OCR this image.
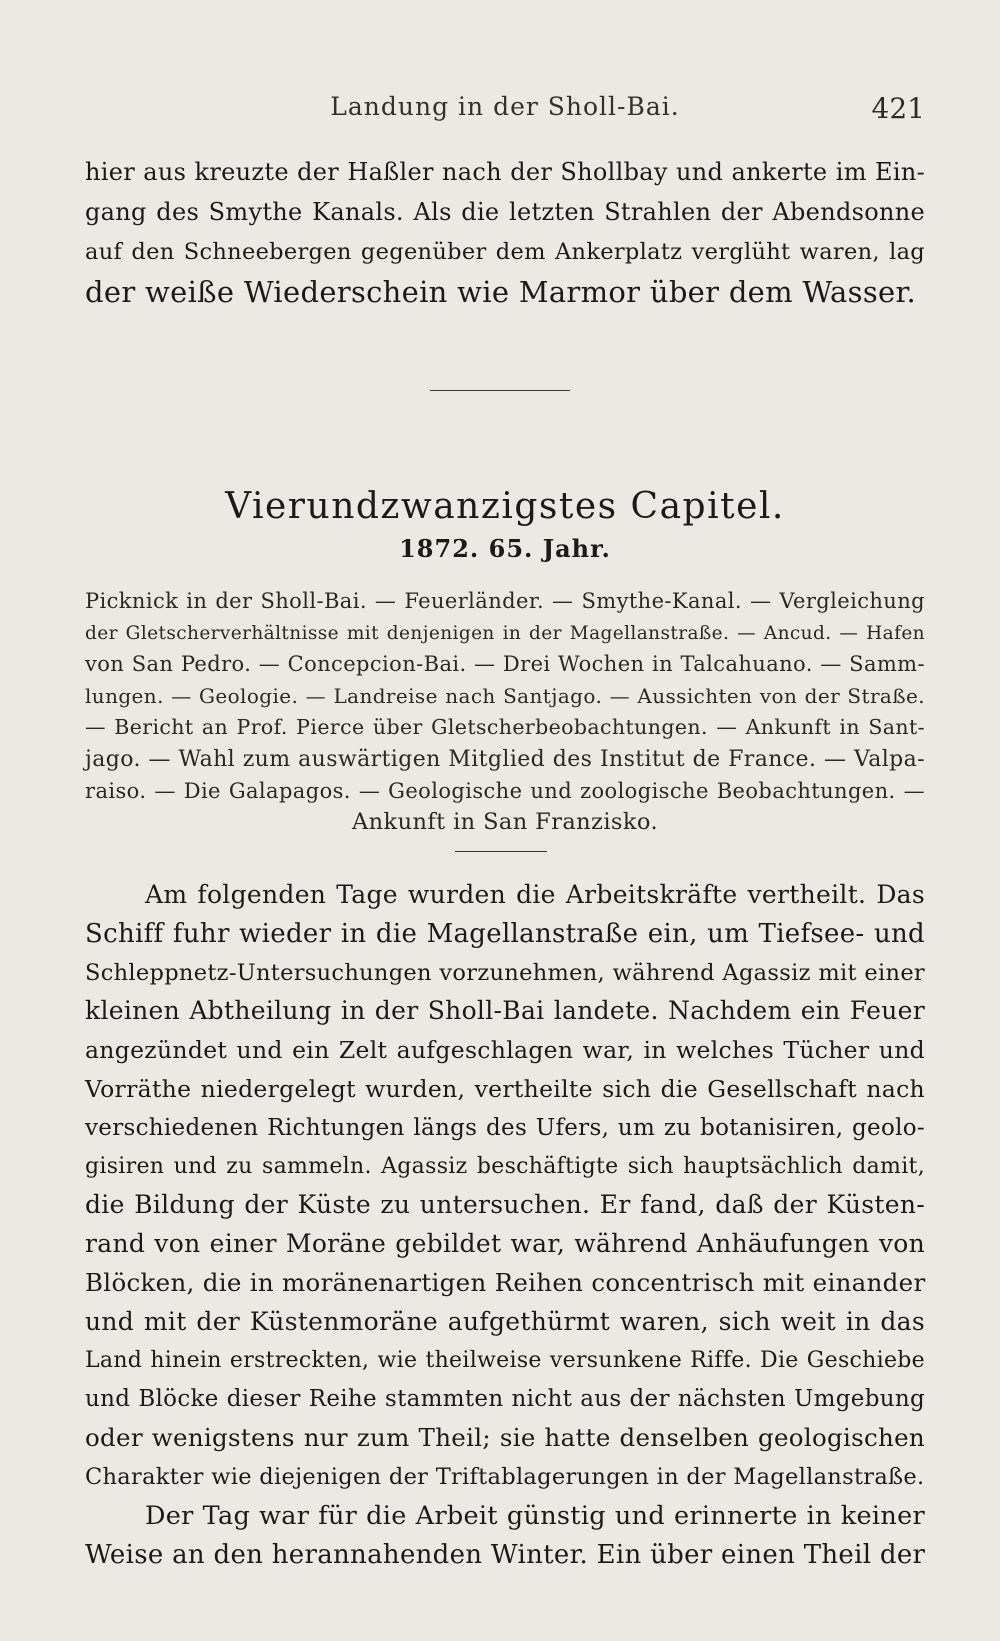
Landung in der Sholl-Bai.	421
hier aus kreuzte der Haßler nach der Shollbay und ankerte im Ein-
gang des Smythe Kanals. Als die letzten Strahlen der Abendsonne
auf den Schneebergen gegenüber dem Ankerplatz verglüht waren, lag
der weiße Wiederschein wie Marmor über dem Wasser.
Vierundzwanzigstes Capitel.
1872. 65. Jahr.
Picknick in der Sholl-Bai. — Feuerländer. — Smythe-Kanal. — Vergleichung
der Gletscherverhältnisse mit denjenigen in der Magellanstraße. — Ancud. — Hafen
von San Pedro. — Concepcion-Bai. — Drei Wochen in Talcahuano. — Samm-
lungen. — Geologie. — Landreise nach Santjago. — Aussichten von der Straße.
— Bericht an Prof. Pierce über Gletscherbeobachtungen. — Ankunft in Sant-
jago. — Wahl zum auswärtigen Mitglied des Institut de France. — Valpa-
raiso. — Die Galapagos. — Geologische und zoologische Beobachtungen. —
Ankunft in San Franzisko.
Am folgenden Tage wurden die Arbeitskräfte vertheilt. Das
Schiff fuhr wieder in die Magellanstraße ein, um Tiefsee- und
Schleppnetz-Untersuchungen vorzunehmen, während Agassiz mit einer
kleinen Abtheilung in der Sholl-Bai landete. Nachdem ein Feuer
angezündet und ein Zelt aufgeschlagen war, in welches Tücher und
Vorräthe niedergelegt wurden, vertheilte sich die Gesellschaft nach
verschiedenen Richtungen längs des Ufers, um zu botanisiren, geolo-
gisiren und zu sammeln. Agassiz beschäftigte sich hauptsächlich damit,
die Bildung der Küste zu untersuchen. Er fand, daß der Küsten-
rand von einer Moräne gebildet war, während Anhäufungen von
Blöcken, die in moränenartigen Reihen concentrisch mit einander
und mit der Küstenmoräne aufgethürmt waren, sich weit in das
Land hinein erstreckten, wie theilweise versunkene Riffe. Die Geschiebe
und Blöcke dieser Reihe stammten nicht aus der nächsten Umgebung
oder wenigstens nur zum Theil; sie hatte denselben geologischen
Charakter wie diejenigen der Triftablagerungen in der Magellanstraße.
Der Tag war für die Arbeit günstig und erinnerte in keiner
Weise an den herannahenden Winter. Ein über einen Theil der
